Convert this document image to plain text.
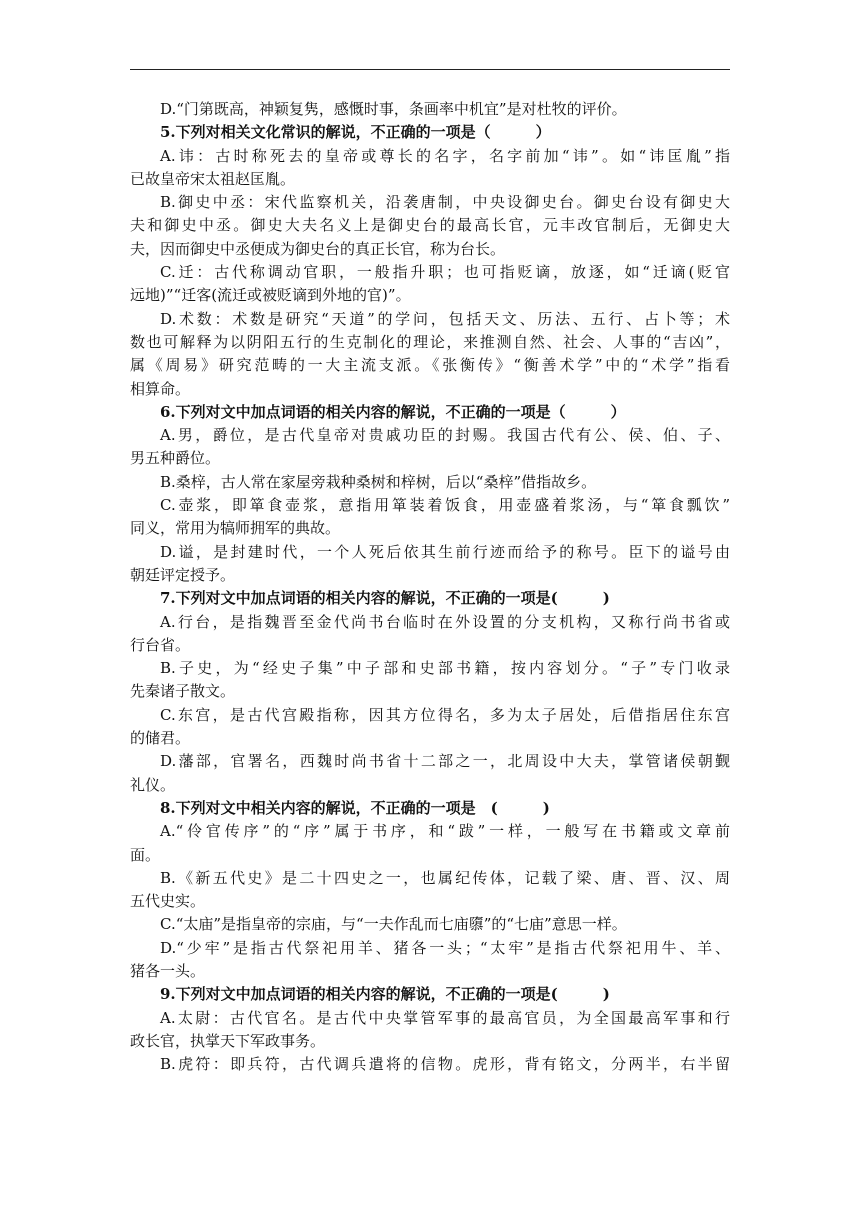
D.“门第既高，神颖复隽，感慨时事，条画率中机宜”是对杜牧的评价。
5.下列对相关文化常识的解说，不正确的一项是（　　　）
A.讳：古时称死去的皇帝或尊长的名字，名字前加“讳”。如“讳匡胤”指
已故皇帝宋太祖赵匡胤。
B.御史中丞：宋代监察机关，沿袭唐制，中央设御史台。御史台设有御史大
夫和御史中丞。御史大夫名义上是御史台的最高长官，元丰改官制后，无御史大
夫，因而御史中丞便成为御史台的真正长官，称为台长。
C.迁：古代称调动官职，一般指升职；也可指贬谪，放逐，如“迁谪(贬官
远地)”“迁客(流迁或被贬谪到外地的官)”。
D.术数：术数是研究“天道”的学问，包括天文、历法、五行、占卜等；术
数也可解释为以阴阳五行的生克制化的理论，来推测自然、社会、人事的“吉凶”，
属《周易》研究范畴的一大主流支派。《张衡传》“衡善术学”中的“术学”指看
相算命。
6.下列对文中加点词语的相关内容的解说，不正确的一项是（　　　）
A.男，爵位，是古代皇帝对贵戚功臣的封赐。我国古代有公、侯、伯、子、
男五种爵位。
B.桑梓，古人常在家屋旁栽种桑树和梓树，后以“桑梓”借指故乡。
C.壶浆，即箪食壶浆，意指用箪装着饭食，用壶盛着浆汤，与“箪食瓢饮”
同义，常用为犒师拥军的典故。
D.谥，是封建时代，一个人死后依其生前行迹而给予的称号。臣下的谥号由
朝廷评定授予。
7.下列对文中加点词语的相关内容的解说，不正确的一项是(　　　)
A.行台，是指魏晋至金代尚书台临时在外设置的分支机构，又称行尚书省或
行台省。
B.子史，为“经史子集”中子部和史部书籍，按内容划分。“子”专门收录
先秦诸子散文。
C.东宫，是古代宫殿指称，因其方位得名，多为太子居处，后借指居住东宫
的储君。
D.藩部，官署名，西魏时尚书省十二部之一，北周设中大夫，掌管诸侯朝觐
礼仪。
8.下列对文中相关内容的解说，不正确的一项是　(　　　)
A.“伶官传序”的“序”属于书序，和“跋”一样，一般写在书籍或文章前
面。
B.《新五代史》是二十四史之一，也属纪传体，记载了梁、唐、晋、汉、周
五代史实。
C.“太庙”是指皇帝的宗庙，与“一夫作乱而七庙隳”的“七庙”意思一样。
D.“少牢”是指古代祭祀用羊、猪各一头；“太牢”是指古代祭祀用牛、羊、
猪各一头。
9.下列对文中加点词语的相关内容的解说，不正确的一项是(　　　)
A.太尉：古代官名。是古代中央掌管军事的最高官员，为全国最高军事和行
政长官，执掌天下军政事务。
B.虎符：即兵符，古代调兵遣将的信物。虎形，背有铭文，分两半，右半留
